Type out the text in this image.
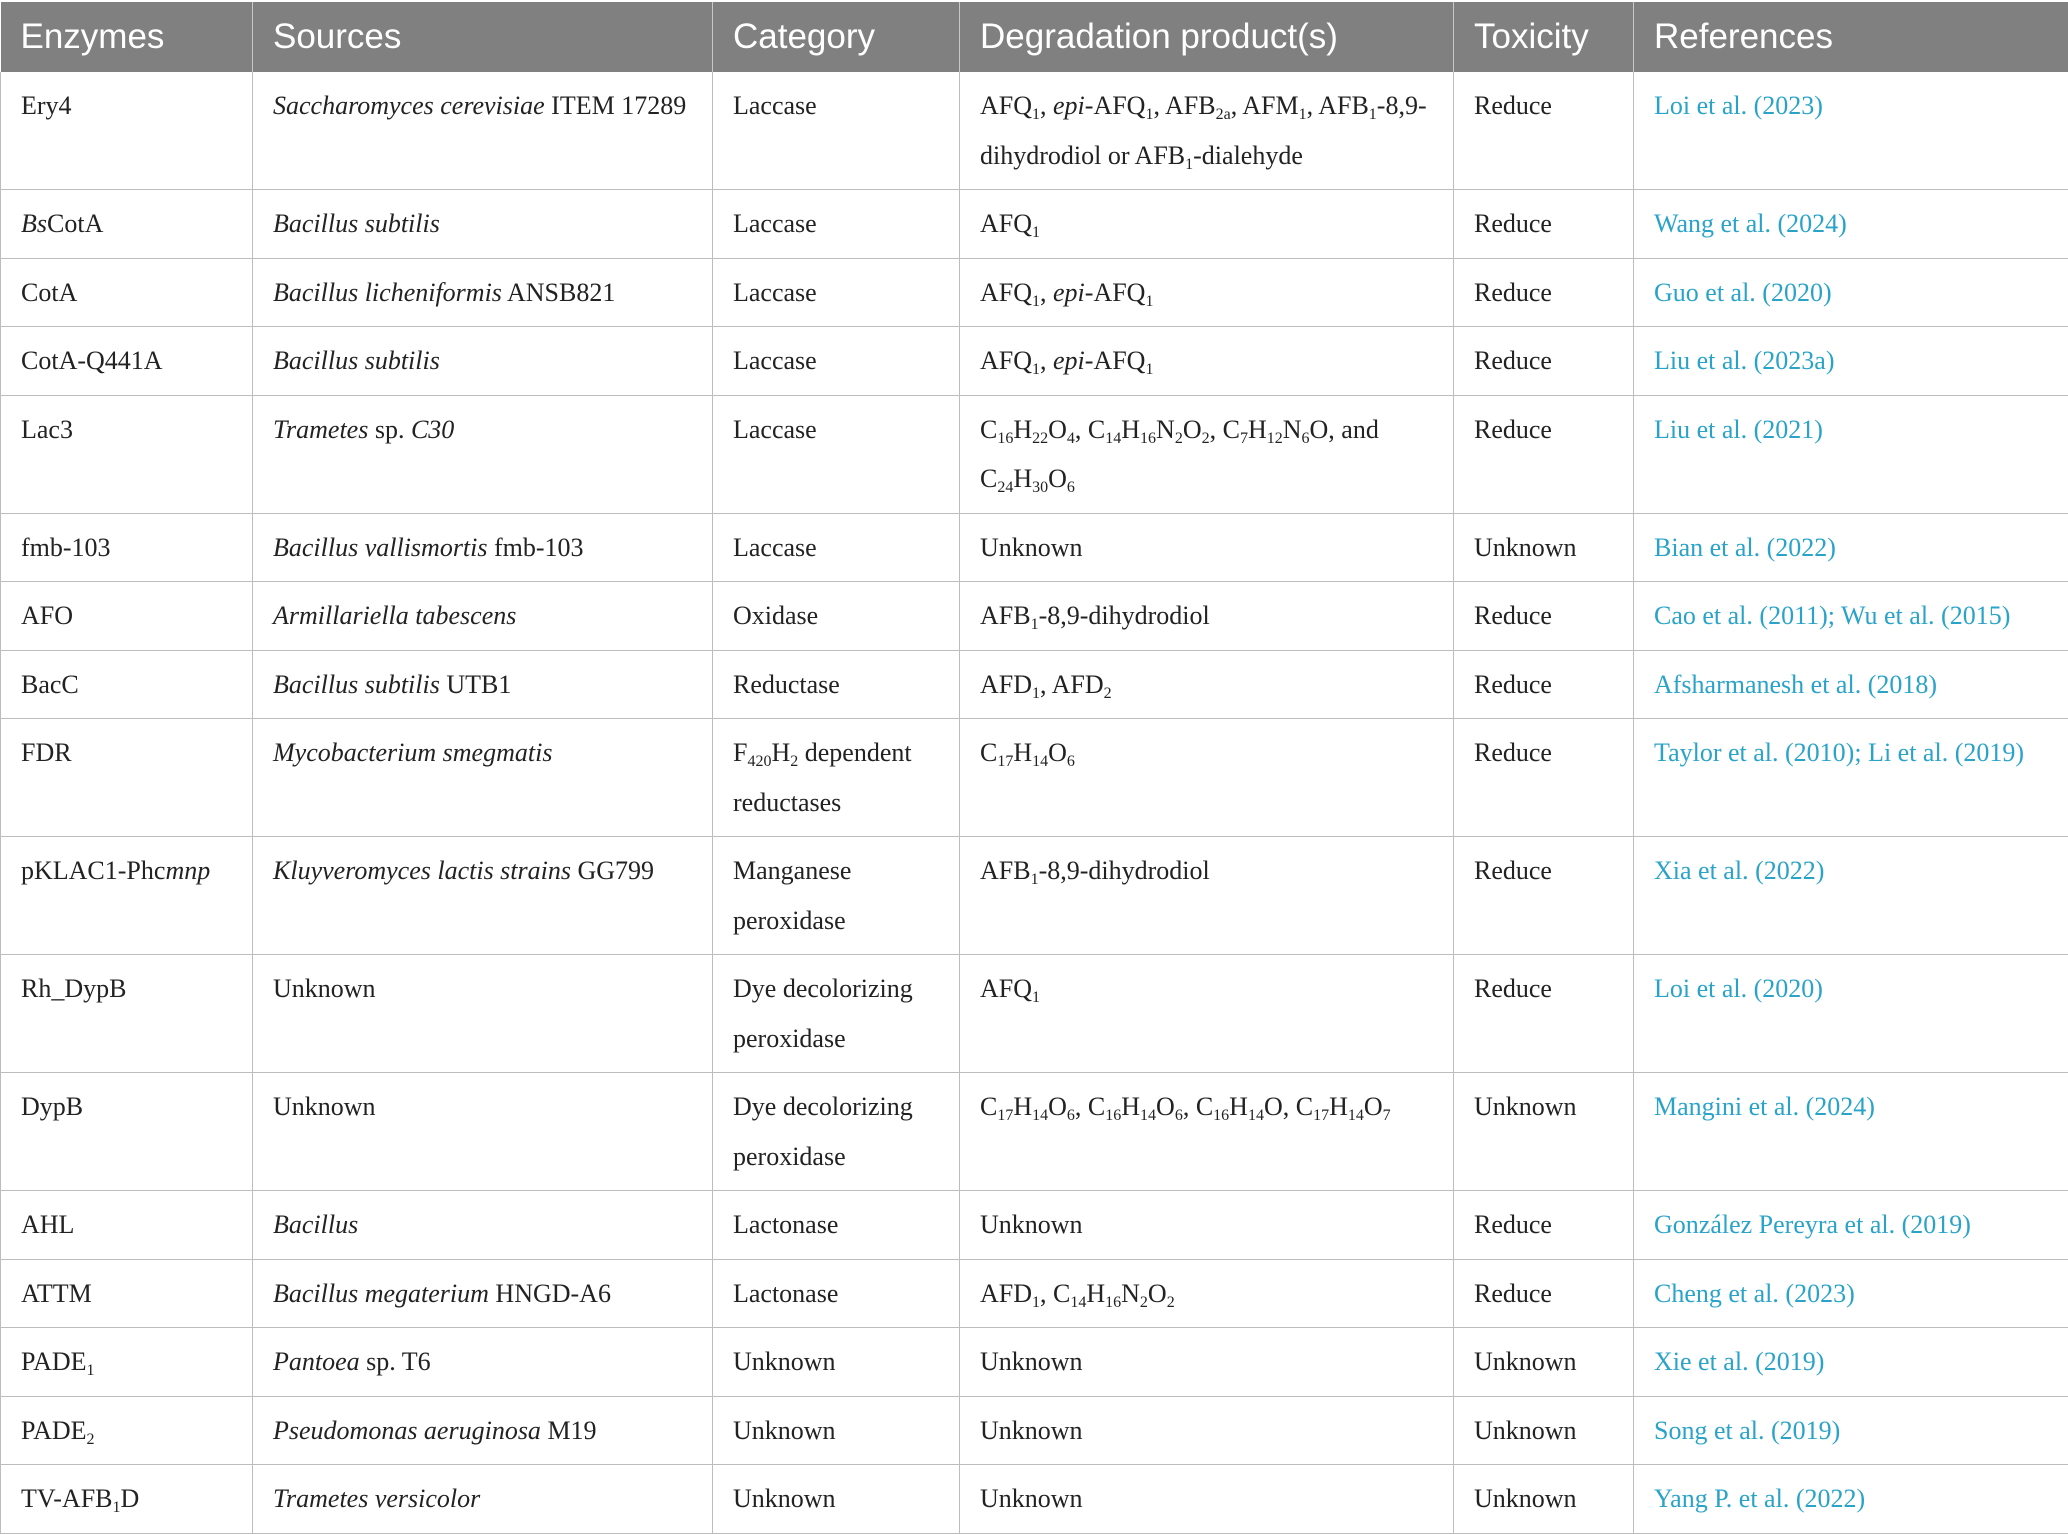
Enzymes	Sources	Category	Degradation product(s)	Toxicity	References
Ery4	Saccharomyces cerevisiae ITEM 17289	Laccase	$AFQ_1$, epi-$AFQ_1$, $AFB_{2a}$, $AFM_1$, $AFB_1-8,9$-dihydrodiol or $AFB_1$-dialehyde	Reduce	Loi et al. (2023)
BsCotA	Bacillus subtilis	Laccase	$AFQ_1$	Reduce	Wang et al. (2024)
CotA	Bacillus licheniformis ANSB821	Laccase	$AFQ_1$, epi-$AFQ_1$	Reduce	Guo et al. (2020)
CotA-Q441A	Bacillus subtilis	Laccase	$AFQ_1$, epi-$AFQ_1$	Reduce	Liu et al. (2023a)
Lac3	Trametes sp. C30	Laccase	$C_{16}H_{22}O_4$, $C_{14}H_{16}N_2O_2$, $C_7H_{12}N_6O$, and $C_{24}H_{30}O_6$	Reduce	Liu et al. (2021)
fmb-103	Bacillus vallismortis fmb-103	Laccase	Unknown	Unknown	Bian et al. (2022)
AFO	Armillariella tabescens	Oxidase	$AFB_1-8,9$-dihydrodiol	Reduce	Cao et al. (2011); Wu et al. (2015)
BacC	Bacillus subtilis UTB1	Reductase	$AFD_1$, $AFD_2$	Reduce	Afsharmanesh et al. (2018)
FDR	Mycobacterium smegmatis	$F_{420}H_2$ dependent reductases	$C_{17}H_{14}O_6$	Reduce	Taylor et al. (2010); Li et al. (2019)
pKLAC1-Phcmnp	Kluyveromyces lactis strains GG799	Manganese peroxidase	$AFB_1-8,9$-dihydrodiol	Reduce	Xia et al. (2022)
Rh_DypB	Unknown	Dye decolorizing peroxidase	$AFQ_1$	Reduce	Loi et al. (2020)
DypB	Unknown	Dye decolorizing peroxidase	$C_{17}H_{14}O_6$, $C_{16}H_{14}O_6$, $C_{16}H_{14}O$, $C_{17}H_{14}O_7$	Unknown	Mangini et al. (2024)
AHL	Bacillus	Lactonase	Unknown	Reduce	González Pereyra et al. (2019)
ATTM	Bacillus megaterium HNGD-A6	Lactonase	$AFD_1$, $C_{14}H_{16}N_2O_2$	Reduce	Cheng et al. (2023)
$PADE_1$	Pantoea sp. T6	Unknown	Unknown	Unknown	Xie et al. (2019)
$PADE_2$	Pseudomonas aeruginosa M19	Unknown	Unknown	Unknown	Song et al. (2019)
$TV-AFB_1D$	Trametes versicolor	Unknown	Unknown	Unknown	Yang P. et al. (2022)
